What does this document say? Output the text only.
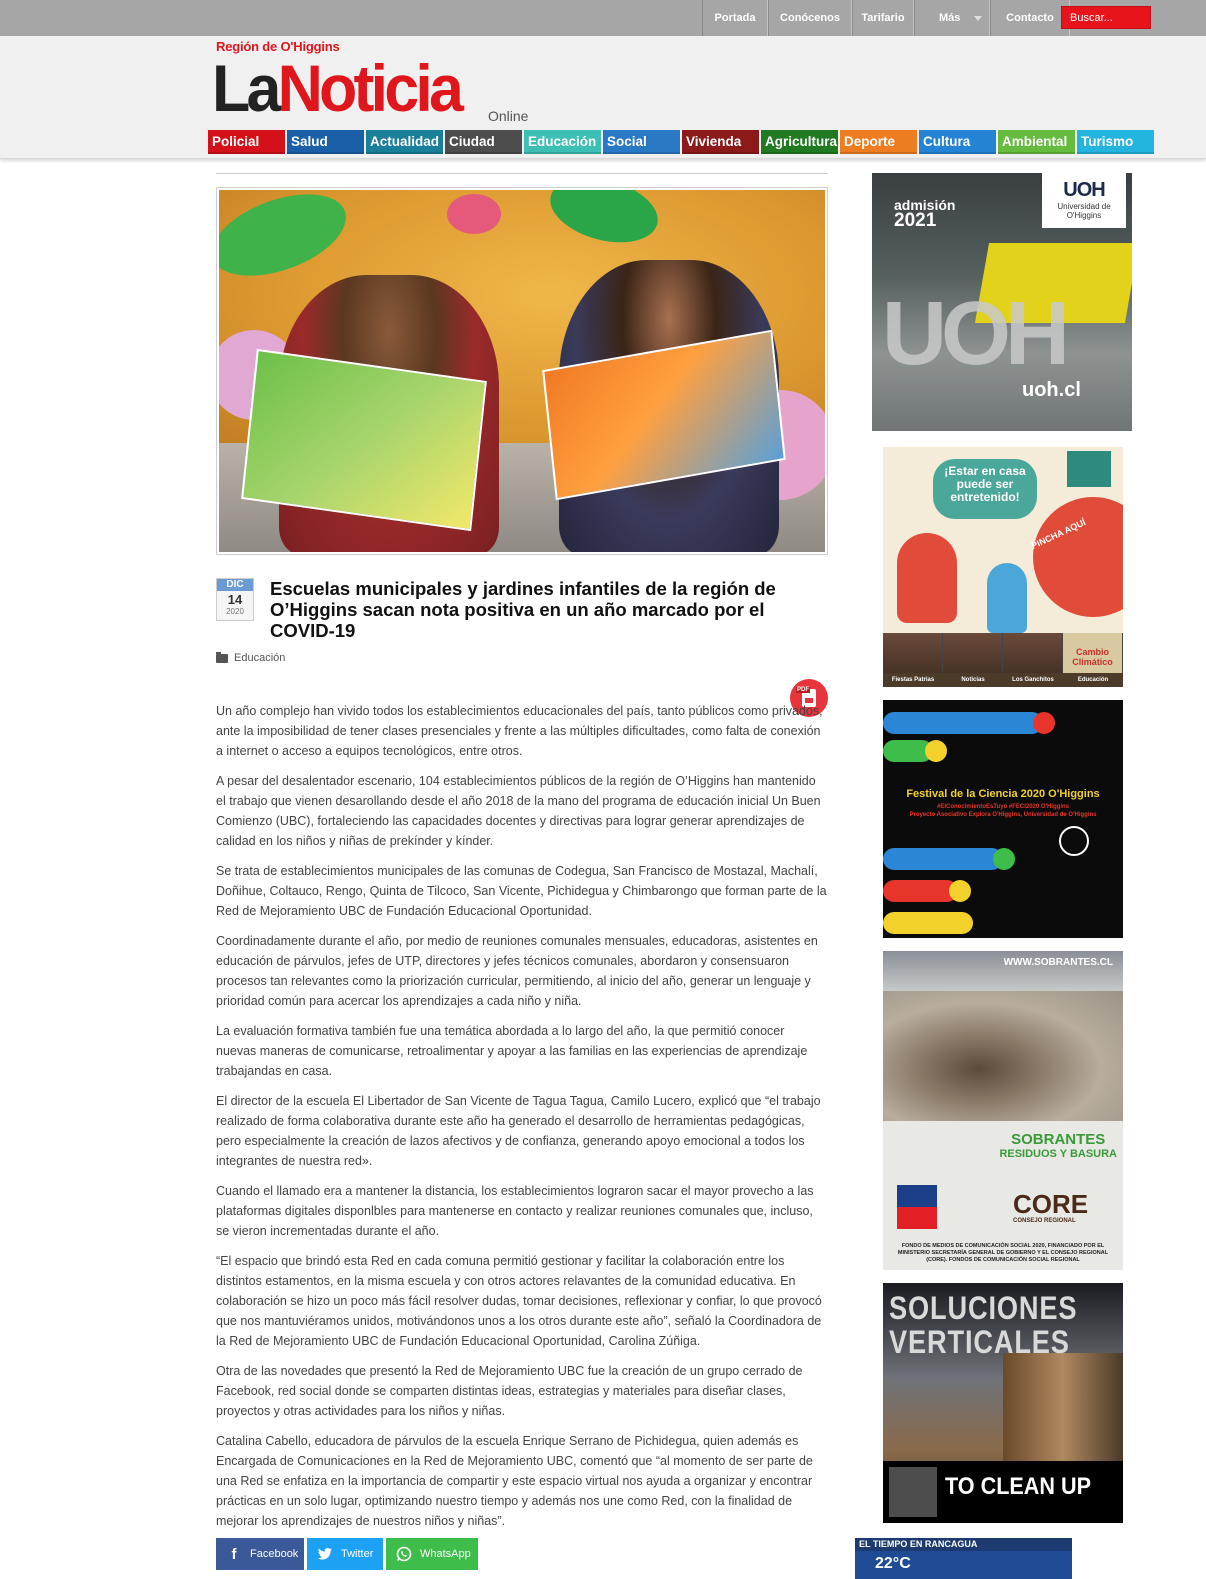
Portada	Conócenos	Tarifario	Más	Contacto
Buscar...
Región de O'Higgins
LaNoticia Online
Policial	Salud	Actualidad Ciudad	Educación Social	Vivienda	Agricultura Deporte	Cultura	Ambiental	Turismo
DIC
14
2020
Escuelas municipales y jardines infantiles de la región de O’Higgins sacan nota positiva en un año marcado por el COVID-19
Educación
PDF

Un año complejo han vivido todos los establecimientos educacionales del país, tanto públicos como privados, ante la imposibilidad de tener clases presenciales y frente a las múltiples dificultades, como falta de conexión a internet o acceso a equipos tecnológicos, entre otros.

A pesar del desalentador escenario, 104 establecimientos públicos de la región de O’Higgins han mantenido el trabajo que vienen desarollando desde el año 2018 de la mano del programa de educación inicial Un Buen Comienzo (UBC), fortaleciendo las capacidades docentes y directivas para lograr generar aprendizajes de calidad en los niños y niñas de prekínder y kínder.

Se trata de establecimientos municipales de las comunas de Codegua, San Francisco de Mostazal, Machalí, Doñihue, Coltauco, Rengo, Quinta de Tilcoco, San Vicente, Pichidegua y Chimbarongo que forman parte de la Red de Mejoramiento UBC de Fundación Educacional Oportunidad.

Coordinadamente durante el año, por medio de reuniones comunales mensuales, educadoras, asistentes en educación de párvulos, jefes de UTP, directores y jefes técnicos comunales, abordaron y consensuaron procesos tan relevantes como la priorización curricular, permitiendo, al inicio del año, generar un lenguaje y prioridad común para acercar los aprendizajes a cada niño y niña.

La evaluación formativa también fue una temática abordada a lo largo del año, la que permitió conocer nuevas maneras de comunicarse, retroalimentar y apoyar a las familias en las experiencias de aprendizaje trabajandas en casa.

El director de la escuela El Libertador de San Vicente de Tagua Tagua, Camilo Lucero, explicó que “el trabajo realizado de forma colaborativa durante este año ha generado el desarrollo de herramientas pedagógicas, pero especialmente la creación de lazos afectivos y de confianza, generando apoyo emocional a todos los integrantes de nuestra red».

Cuando el llamado era a mantener la distancia, los establecimientos lograron sacar el mayor provecho a las plataformas digitales disponlbles para mantenerse en contacto y realizar reuniones comunales que, incluso, se vieron incrementadas durante el año.

“El espacio que brindó esta Red en cada comuna permitió gestionar y facilitar la colaboración entre los distintos estamentos, en la misma escuela y con otros actores relavantes de la comunidad educativa. En colaboración se hizo un poco más fácil resolver dudas, tomar decisiones, reflexionar y confiar, lo que provocó que nos mantuviéramos unidos, motivándonos unos a los otros durante este año”, señaló la Coordinadora de la Red de Mejoramiento UBC de Fundación Educacional Oportunidad, Carolina Zúñiga.

Otra de las novedades que presentó la Red de Mejoramiento UBC fue la creación de un grupo cerrado de Facebook, red social donde se comparten distintas ideas, estrategias y materiales para diseñar clases, proyectos y otras actividades para los niños y niñas.

Catalina Cabello, educadora de párvulos de la escuela Enrique Serrano de Pichidegua, quien además es Encargada de Comunicaciones en la Red de Mejoramiento UBC, comentó que “al momento de ser parte de una Red se enfatiza en la importancia de compartir y este espacio virtual nos ayuda a organizar y encontrar prácticas en un solo lugar, optimizando nuestro tiempo y además nos une como Red, con la finalidad de mejorar los aprendizajes de nuestros niños y niñas”.

f	Facebook	Twitter	WhatsApp
UOH
admisión
2021
UOH
Universidad de O'Higgins
uoh.cl
¡Estar en casa puede ser entretenido!
PINCHA AQUÍ
Cambio Climático
Fiestas Patrias	Noticias	Los Ganchitos	Educación
Festival de la Ciencia 2020 O'Higgins
#ElConocimientoEsTuyo #FECI2020 O'Higgins
Proyecto Asociativo Explora O'Higgins, Universidad de O'Higgins
WWW.SOBRANTES.CL
SOBRANTES
RESIDUOS Y BASURA
CORE
CONSEJO REGIONAL
FONDO DE MEDIOS DE COMUNICACIÓN SOCIAL 2020, FINANCIADO POR EL MINISTERIO SECRETARÍA GENERAL DE GOBIERNO Y EL CONSEJO REGIONAL (CORE). FONDOS DE COMUNICACIÓN SOCIAL REGIONAL
SOLUCIONES
VERTICALES
TO CLEAN UP
EL TIEMPO EN RANCAGUA
22°C
